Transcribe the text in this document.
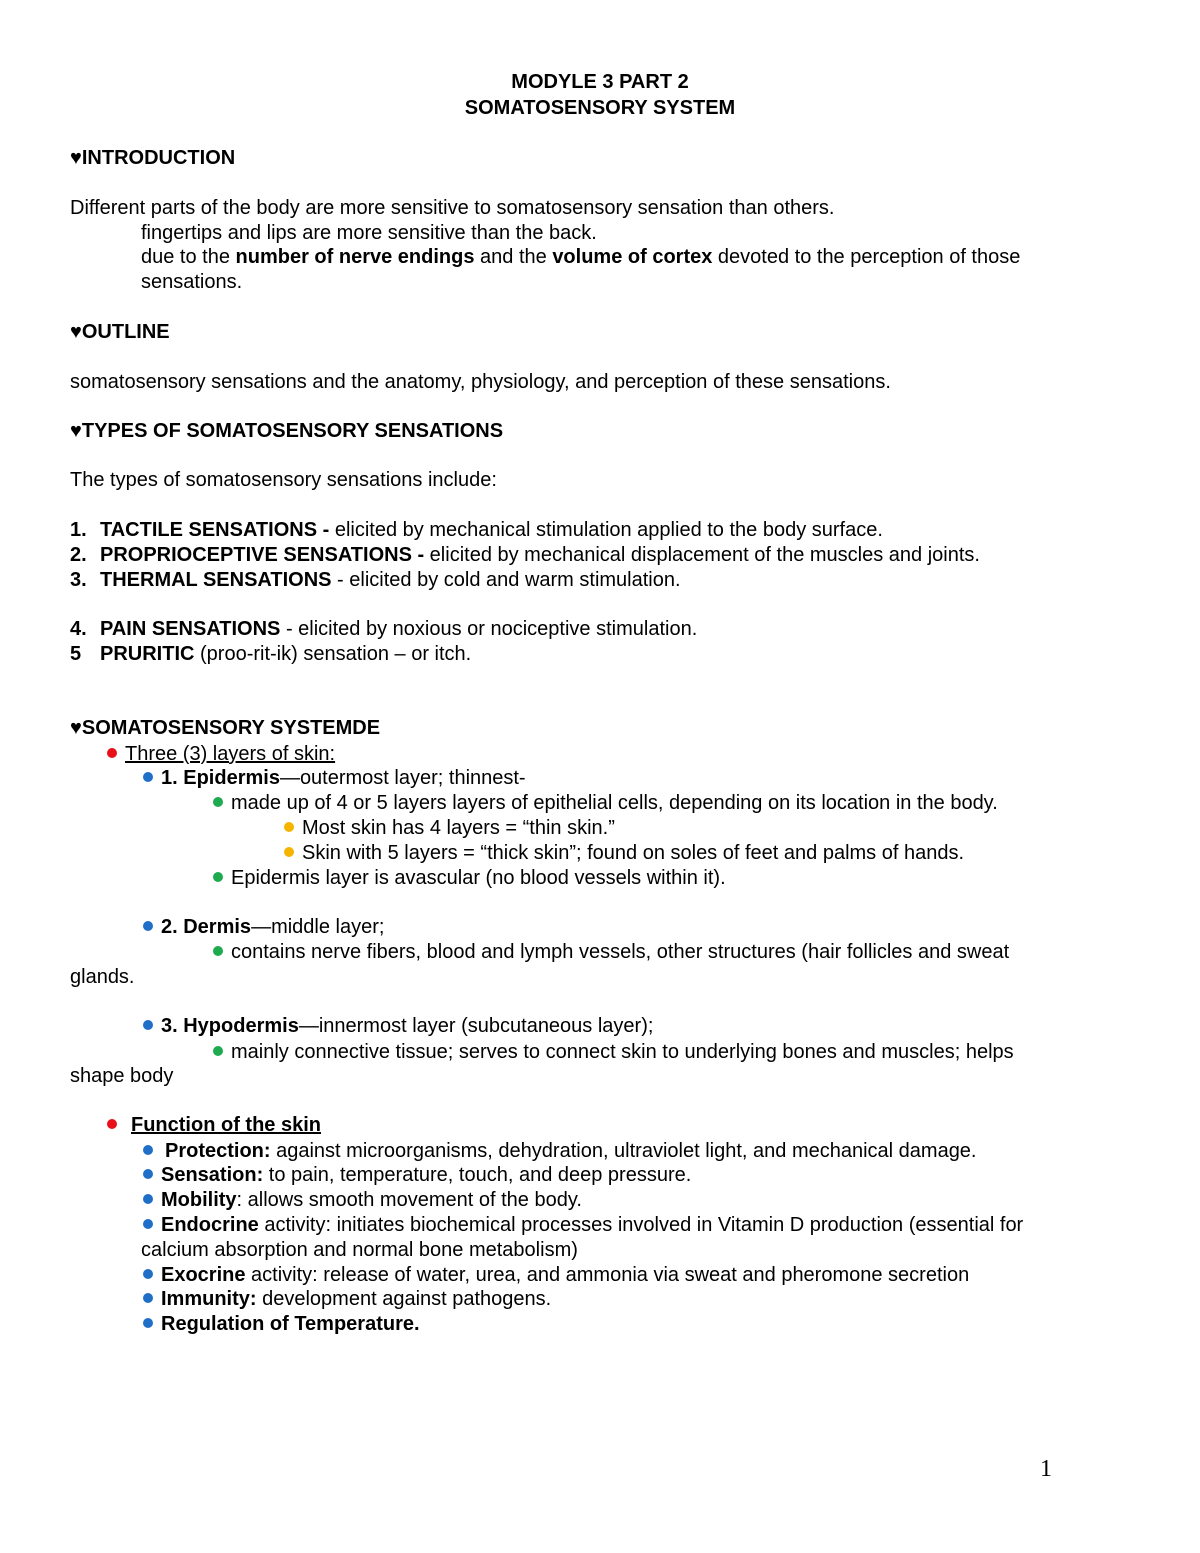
MODYLE 3 PART 2
SOMATOSENSORY SYSTEM
♥INTRODUCTION
Different parts of the body are more sensitive to somatosensory sensation than others.
fingertips and lips are more sensitive than the back.
due to the number of nerve endings and the volume of cortex devoted to the perception of those
sensations.
♥OUTLINE
somatosensory sensations and the anatomy, physiology, and perception of these sensations.
♥TYPES OF SOMATOSENSORY SENSATIONS
The types of somatosensory sensations include:
1. TACTILE SENSATIONS - elicited by mechanical stimulation applied to the body surface.
2. PROPRIOCEPTIVE SENSATIONS - elicited by mechanical displacement of the muscles and joints.
3. THERMAL SENSATIONS - elicited by cold and warm stimulation.
4. PAIN SENSATIONS - elicited by noxious or nociceptive stimulation.
5 PRURITIC (proo-rit-ik) sensation – or itch.
♥SOMATOSENSORY SYSTEMDE
Three (3) layers of skin:
1. Epidermis—outermost layer; thinnest-
made up of 4 or 5 layers layers of epithelial cells, depending on its location in the body.
Most skin has 4 layers = “thin skin.”
Skin with 5 layers = “thick skin”; found on soles of feet and palms of hands.
Epidermis layer is avascular (no blood vessels within it).
2. Dermis—middle layer;
contains nerve fibers, blood and lymph vessels, other structures (hair follicles and sweat
glands.
3. Hypodermis—innermost layer (subcutaneous layer);
mainly connective tissue; serves to connect skin to underlying bones and muscles; helps
shape body
Function of the skin
Protection: against microorganisms, dehydration, ultraviolet light, and mechanical damage.
Sensation: to pain, temperature, touch, and deep pressure.
Mobility: allows smooth movement of the body.
Endocrine activity: initiates biochemical processes involved in Vitamin D production (essential for
calcium absorption and normal bone metabolism)
Exocrine activity: release of water, urea, and ammonia via sweat and pheromone secretion
Immunity: development against pathogens.
Regulation of Temperature.
1
